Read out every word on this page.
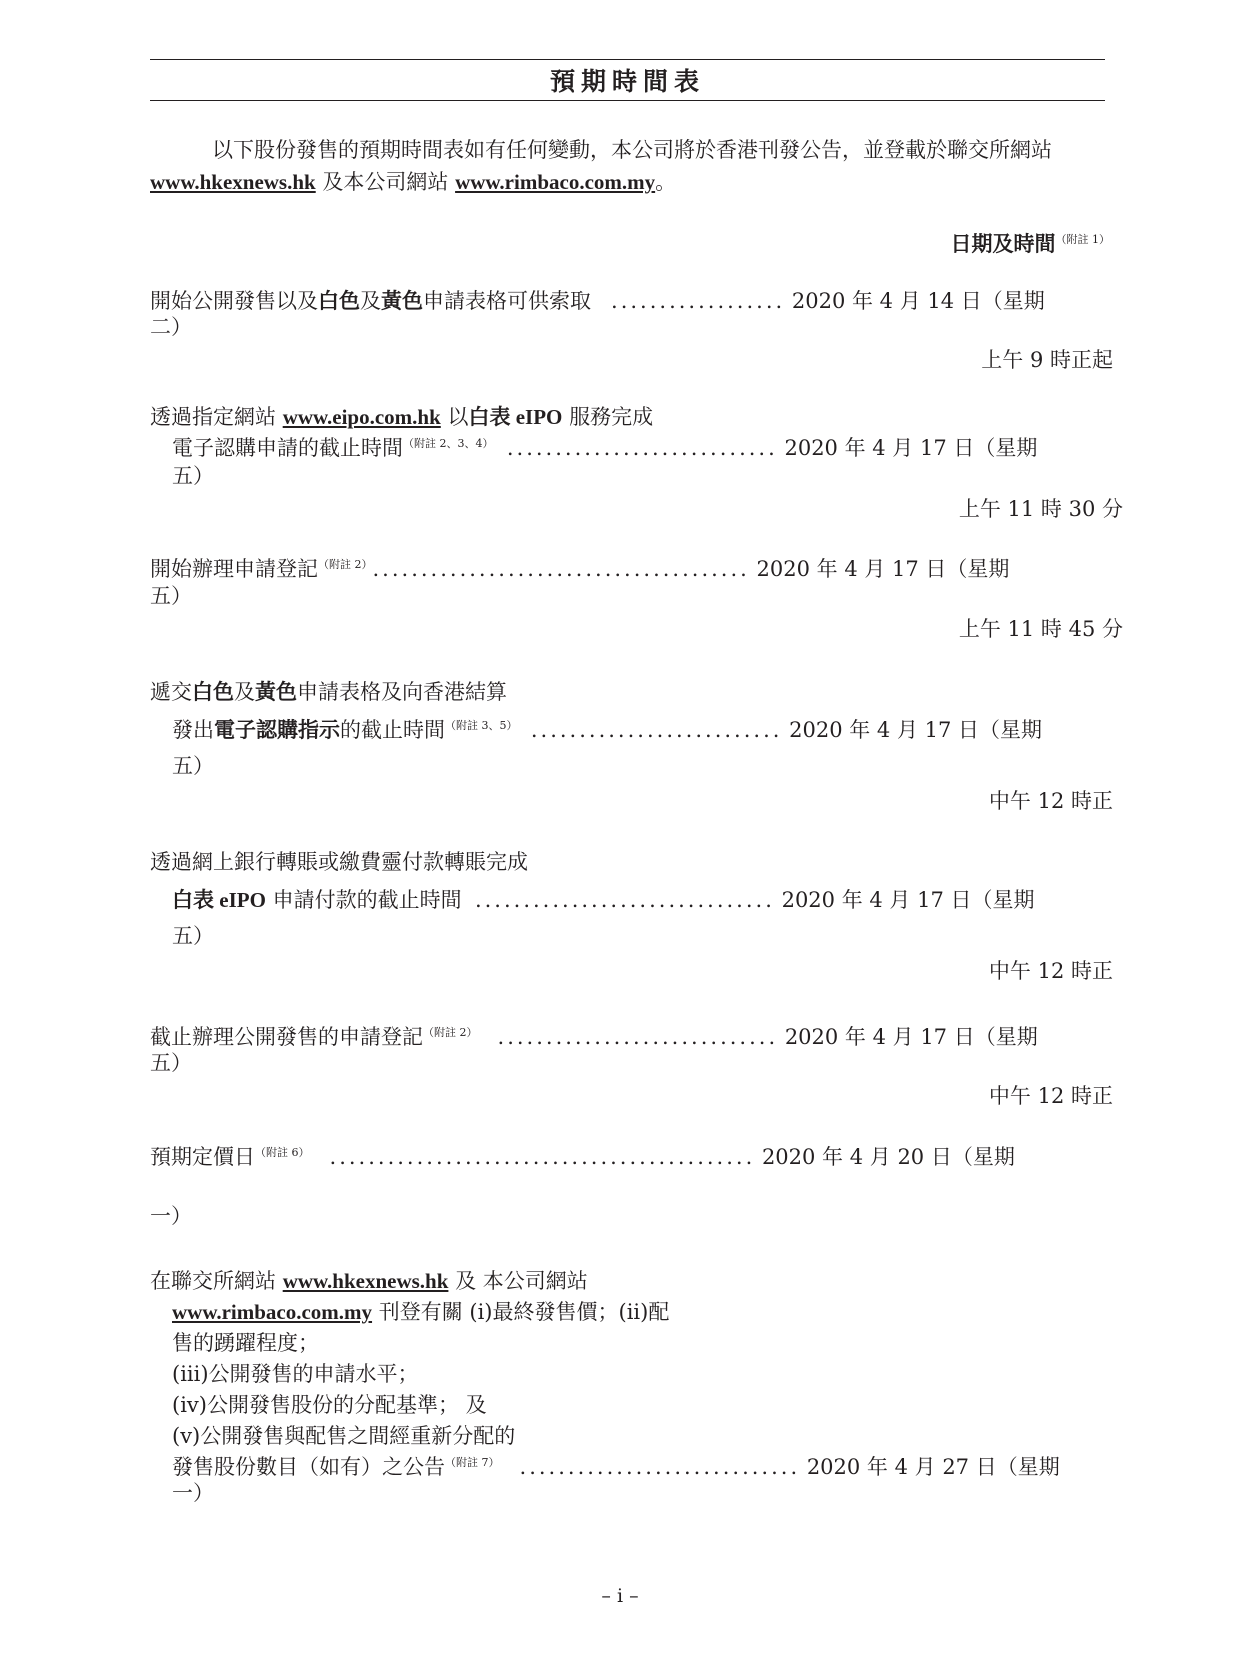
預期時間表
以下股份發售的預期時間表如有任何變動，本公司將於香港刊發公告，並登載於聯交所網站 www.hkexnews.hk 及本公司網站 www.rimbaco.com.my。
日期及時間$^{(附註 1)}$
開始公開發售以及白色及黃色申請表格可供索取 .................. 2020 年 4 月 14 日（星期
二）
上午 9 時正起
透過指定網站 www.eipo.com.hk 以白表 eIPO 服務完成
電子認購申請的截止時間$^{(附註 2、3、4)}$ ............................ 2020 年 4 月 17 日（星期
五）
上午 11 時 30 分
開始辦理申請登記$^{(附註 2)}$....................................... 2020 年 4 月 17 日（星期
五）
上午 11 時 45 分
遞交白色及黃色申請表格及向香港結算
發出電子認購指示的截止時間$^{(附註 3、5)}$ .......................... 2020 年 4 月 17 日（星期
五）
中午 12 時正
透過網上銀行轉賬或繳費靈付款轉賬完成
白表 eIPO 申請付款的截止時間 ............................... 2020 年 4 月 17 日（星期
五）
中午 12 時正
截止辦理公開發售的申請登記$^{(附註 2)}$ ............................. 2020 年 4 月 17 日（星期
五）
中午 12 時正
預期定價日$^{(附註 6)}$ ............................................ 2020 年 4 月 20 日（星期
一）
在聯交所網站 www.hkexnews.hk 及 本公司網站
www.rimbaco.com.my 刊登有關 (i)最終發售價；(ii)配
售的踴躍程度；
(iii)公開發售的申請水平；
(iv)公開發售股份的分配基準； 及
(v)公開發售與配售之間經重新分配的
發售股份數目（如有）之公告$^{(附註 7)}$ ............................. 2020 年 4 月 27 日（星期
一）
– i –
